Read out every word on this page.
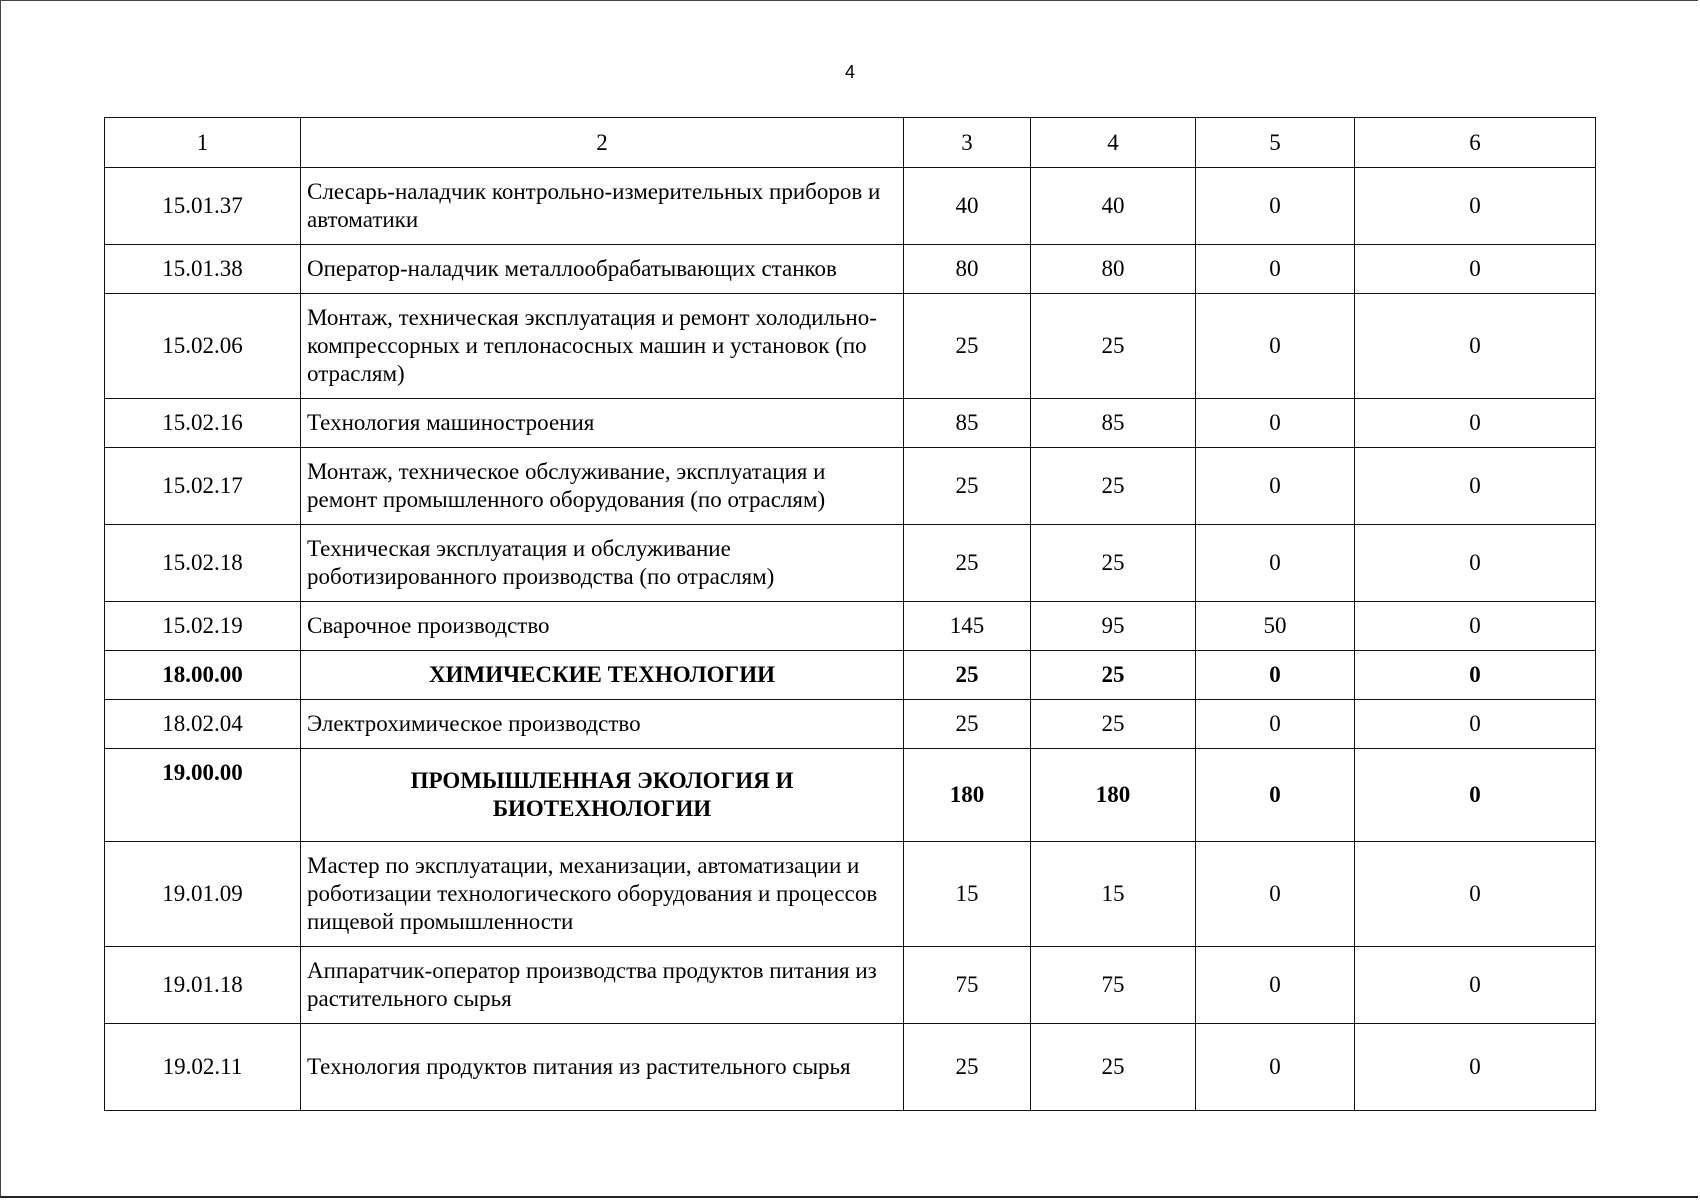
4
1	2	3	4	5	6
15.01.37	Слесарь-наладчик контрольно-измерительных приборов и автоматики	40	40	0	0
15.01.38	Оператор-наладчик металлообрабатывающих станков	80	80	0	0
15.02.06	Монтаж, техническая эксплуатация и ремонт холодильно-компрессорных и теплонасосных машин и установок (по отраслям)	25	25	0	0
15.02.16	Технология машиностроения	85	85	0	0
15.02.17	Монтаж, техническое обслуживание, эксплуатация и ремонт промышленного оборудования (по отраслям)	25	25	0	0
15.02.18	Техническая эксплуатация и обслуживание роботизированного производства (по отраслям)	25	25	0	0
15.02.19	Сварочное производство	145	95	50	0
18.00.00	ХИМИЧЕСКИЕ ТЕХНОЛОГИИ	25	25	0	0
18.02.04	Электрохимическое производство	25	25	0	0
19.00.00	ПРОМЫШЛЕННАЯ ЭКОЛОГИЯ И БИОТЕХНОЛОГИИ	180	180	0	0
19.01.09	Мастер по эксплуатации, механизации, автоматизации и роботизации технологического оборудования и процессов пищевой промышленности	15	15	0	0
19.01.18	Аппаратчик-оператор производства продуктов питания из растительного сырья	75	75	0	0
19.02.11	Технология продуктов питания из растительного сырья	25	25	0	0
